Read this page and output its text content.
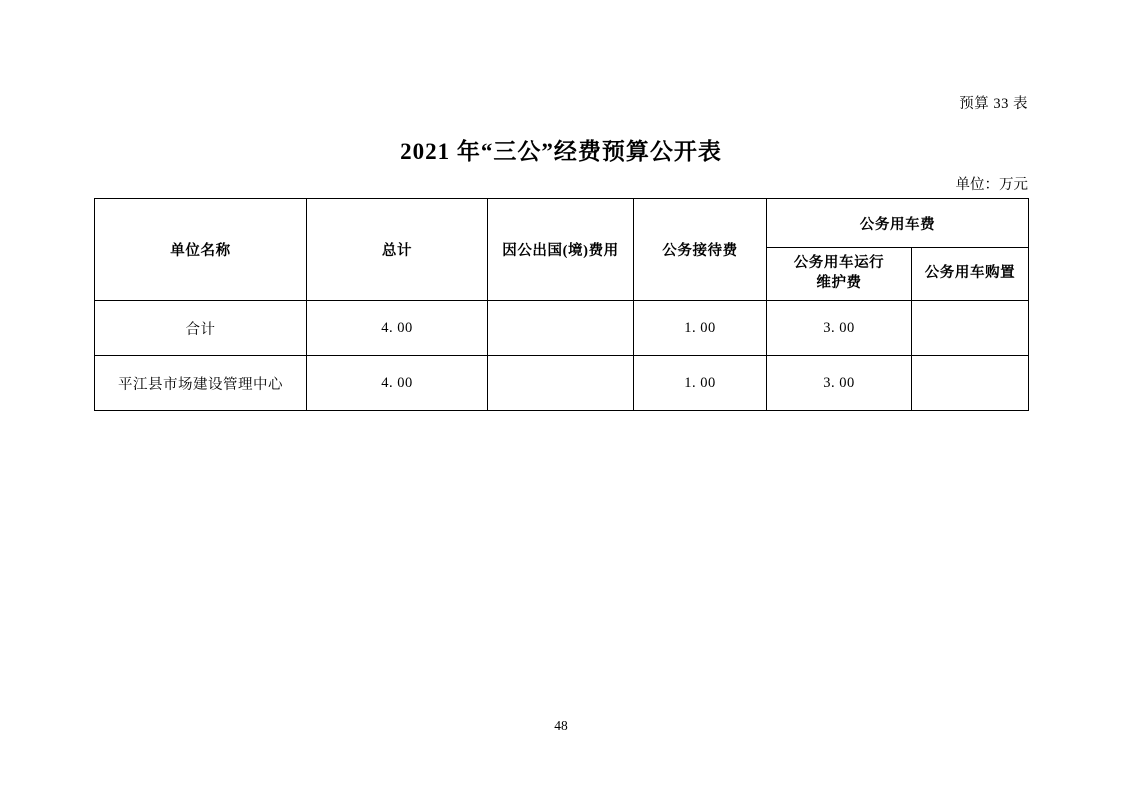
预算 33 表
2021 年“三公”经费预算公开表
单位：万元
单位名称	总计	因公出国(境)费用	公务接待费	公务用车费	
				公务用车运行
维护费	公务用车购置
合计	4. 00		1. 00	3. 00	
平江县市场建设管理中心	4. 00		1. 00	3. 00	
48
